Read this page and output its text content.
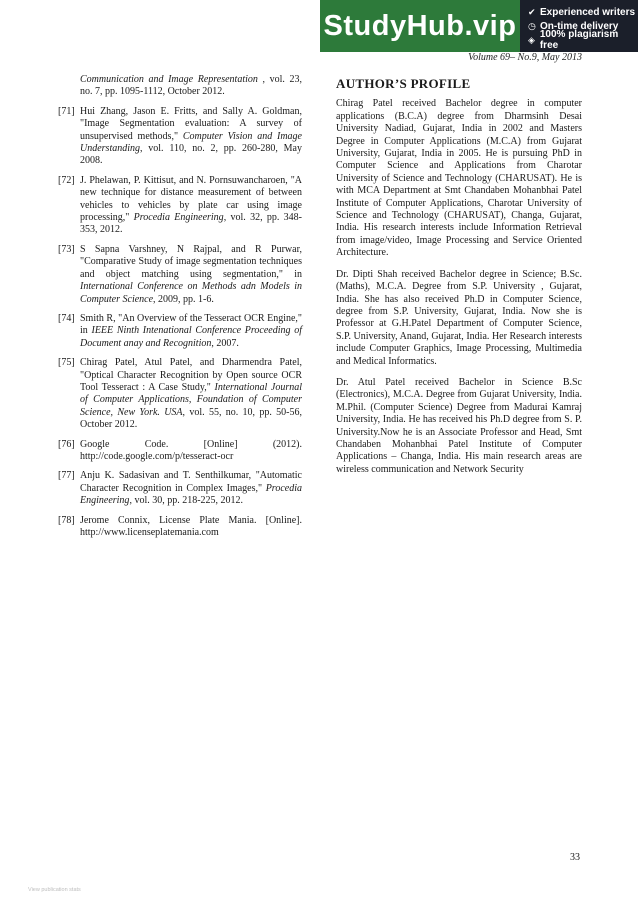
StudyHub.vip	✔ Experienced writers
◷ On-time delivery
◈ 100% plagiarism free
Volume 69– No.9, May 2013
Communication and Image Representation , vol. 23, no. 7, pp. 1095-1112, October 2012.
[71] Hui Zhang, Jason E. Fritts, and Sally A. Goldman, "Image Segmentation evaluation: A survey of unsupervised methods," Computer Vision and Image Understanding, vol. 110, no. 2, pp. 260-280, May 2008.
[72] J. Phelawan, P. Kittisut, and N. Pornsuwancharoen, "A new technique for distance measurement of between vehicles to vehicles by plate car using image processing," Procedia Engineering, vol. 32, pp. 348-353, 2012.
[73] S Sapna Varshney, N Rajpal, and R Purwar, "Comparative Study of image segmentation techniques and object matching using segmentation," in International Conference on Methods adn Models in Computer Science, 2009, pp. 1-6.
[74] Smith R, "An Overview of the Tesseract OCR Engine," in IEEE Ninth Intenational Conference Proceeding of Document anay and Recognition, 2007.
[75] Chirag Patel, Atul Patel, and Dharmendra Patel, "Optical Character Recognition by Open source OCR Tool Tesseract : A Case Study," International Journal of Computer Applications, Foundation of Computer Science, New York. USA, vol. 55, no. 10, pp. 50-56, October 2012.
[76] Google Code. [Online] (2012). http://code.google.com/p/tesseract-ocr
[77] Anju K. Sadasivan and T. Senthilkumar, "Automatic Character Recognition in Complex Images," Procedia Engineering, vol. 30, pp. 218-225, 2012.
[78] Jerome Connix, License Plate Mania. [Online]. http://www.licenseplatemania.com
AUTHOR’S PROFILE

Chirag Patel received Bachelor degree in computer applications (B.C.A) degree from Dharmsinh Desai University Nadiad, Gujarat, India in 2002 and Masters Degree in Computer Applications (M.C.A) from Gujarat University, Gujarat, India in 2005. He is pursuing PhD in Computer Science and Applications from Charotar University of Science and Technology (CHARUSAT). He is with MCA Department at Smt Chandaben Mohanbhai Patel Institute of Computer Applications, Charotar University of Science and Technology (CHARUSAT), Changa, Gujarat, India. His research interests include Information Retrieval from image/video, Image Processing and Service Oriented Architecture.

Dr. Dipti Shah received Bachelor degree in Science; B.Sc.(Maths), M.C.A. Degree from S.P. University , Gujarat, India. She has also received Ph.D in Computer Science, degree from S.P. University, Gujarat, India. Now she is Professor at G.H.Patel Department of Computer Science, S.P. University, Anand, Gujarat, India. Her Research interests include Computer Graphics, Image Processing, Multimedia and Medical Informatics.

Dr. Atul Patel received Bachelor in Science B.Sc (Electronics), M.C.A. Degree from Gujarat University, India. M.Phil. (Computer Science) Degree from Madurai Kamraj University, India. He has received his Ph.D degree from S. P. University.Now he is an Associate Professor and Head, Smt Chandaben Mohanbhai Patel Institute of Computer Applications – Changa, India. His main research areas are wireless communication and Network Security

33
View publication stats
